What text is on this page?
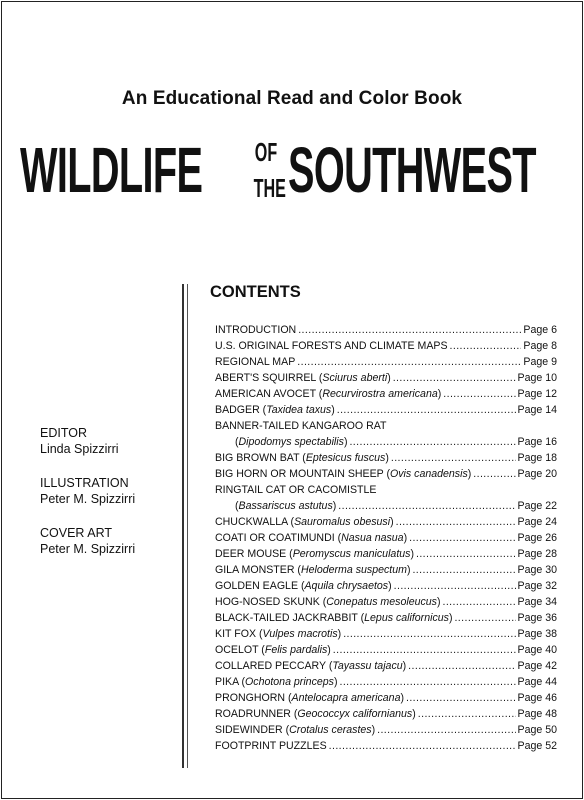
An Educational Read and Color Book
WILDLIFE OF
THE SOUTHWEST
EDITOR
Linda Spizzirri
ILLUSTRATION
Peter M. Spizzirri
COVER ART
Peter M. Spizzirri
CONTENTS
INTRODUCTION .....	Page 6
U.S. ORIGINAL FORESTS AND CLIMATE MAPS .....	Page 8
REGIONAL MAP .....	Page 9
ABERT'S SQUIRREL (Sciurus aberti) .....	Page 10
AMERICAN AVOCET (Recurvirostra americana) .....	Page 12
BADGER (Taxidea taxus) .....	Page 14
BANNER-TAILED KANGAROO RAT
(Dipodomys spectabilis) .....	Page 16
BIG BROWN BAT (Eptesicus fuscus) .....	Page 18
BIG HORN OR MOUNTAIN SHEEP (Ovis canadensis) .....	Page 20
RINGTAIL CAT OR CACOMISTLE
(Bassariscus astutus) .....	Page 22
CHUCKWALLA (Sauromalus obesusi) .....	Page 24
COATI OR COATIMUNDI (Nasua nasua) .....	Page 26
DEER MOUSE (Peromyscus maniculatus) .....	Page 28
GILA MONSTER (Heloderma suspectum) .....	Page 30
GOLDEN EAGLE (Aquila chrysaetos) .....	Page 32
HOG-NOSED SKUNK (Conepatus mesoleucus) .....	Page 34
BLACK-TAILED JACKRABBIT (Lepus californicus) .....	Page 36
KIT FOX (Vulpes macrotis) .....	Page 38
OCELOT (Felis pardalis) .....	Page 40
COLLARED PECCARY (Tayassu tajacu) .....	Page 42
PIKA (Ochotona princeps) .....	Page 44
PRONGHORN (Antelocapra americana) .....	Page 46
ROADRUNNER (Geococcyx californianus) .....	Page 48
SIDEWINDER (Crotalus cerastes) .....	Page 50
FOOTPRINT PUZZLES .....	Page 52
